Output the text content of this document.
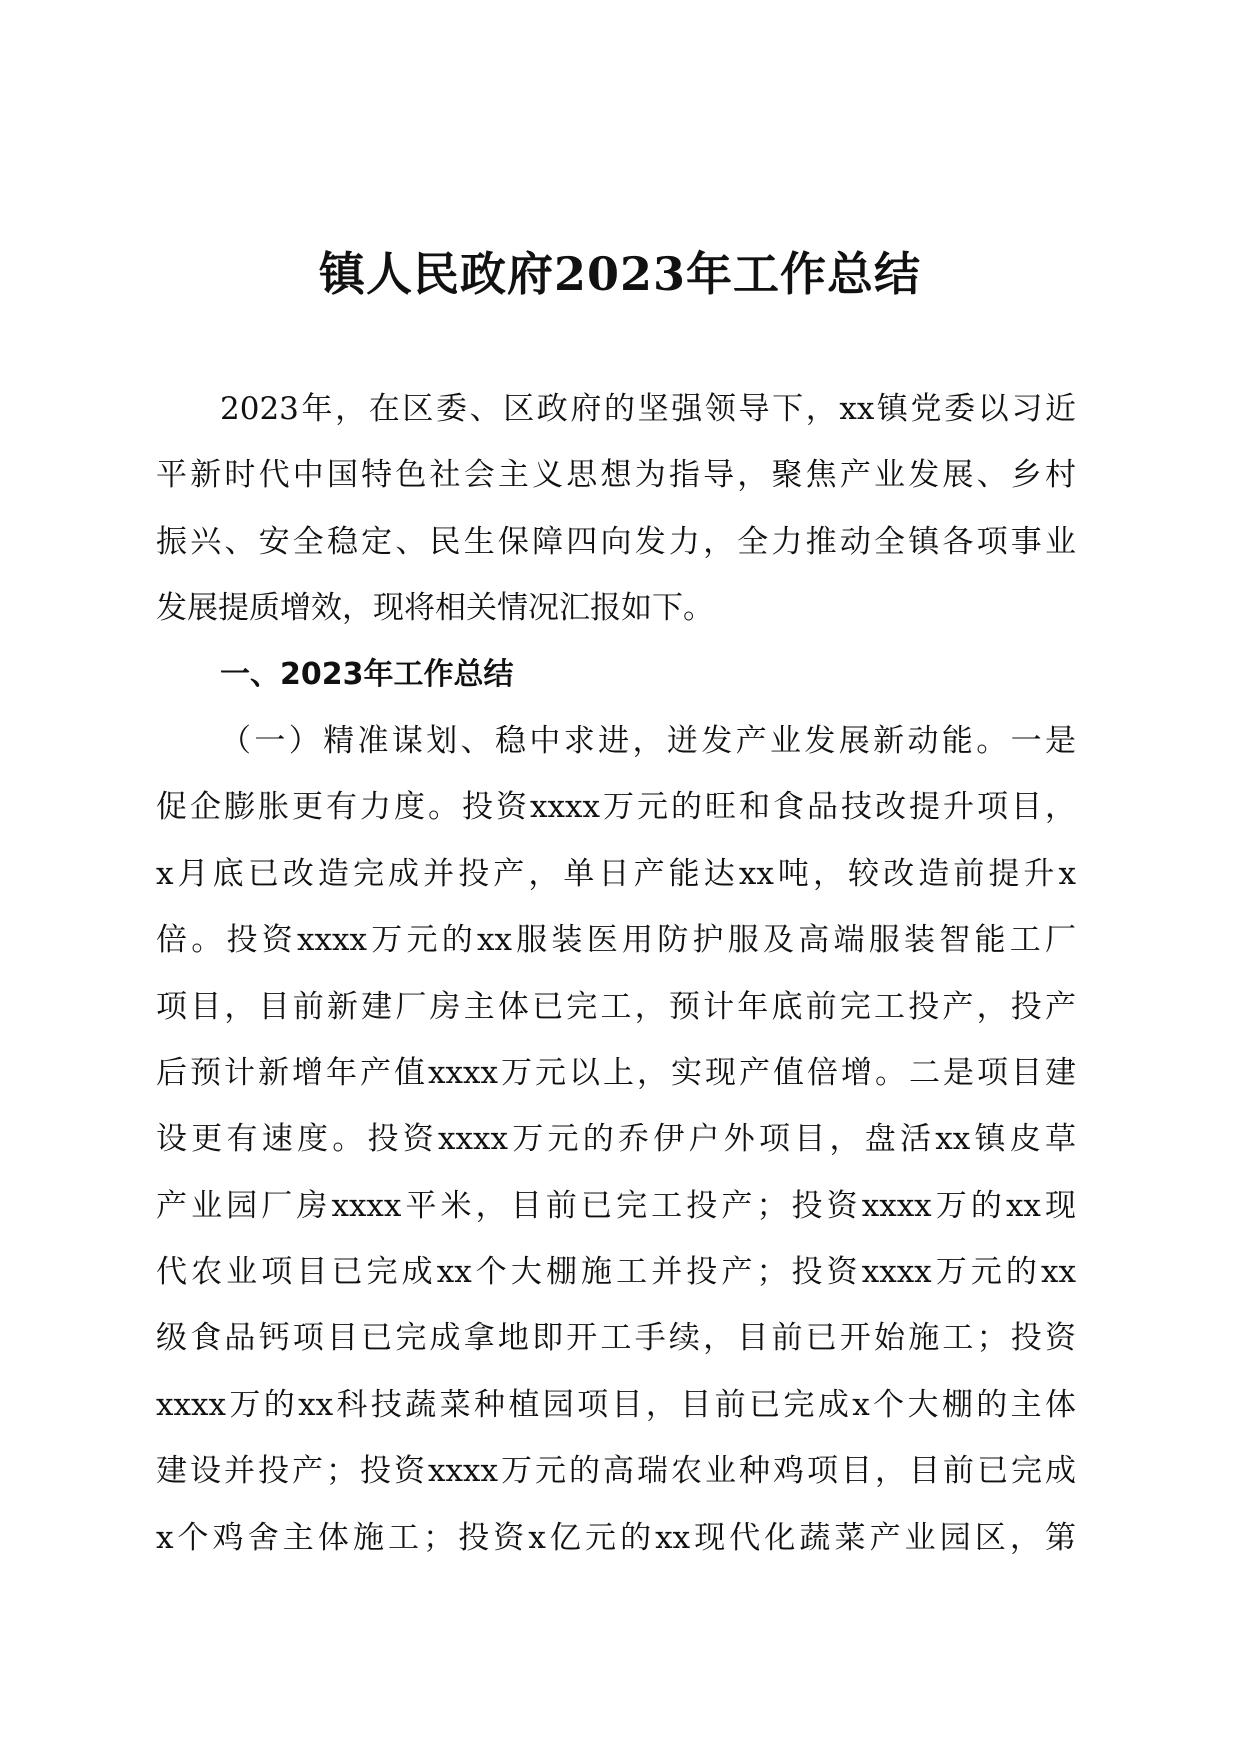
镇人民政府2023年工作总结
2023年，在区委、区政府的坚强领导下，xx镇党委以习近
平新时代中国特色社会主义思想为指导，聚焦产业发展、乡村
振兴、安全稳定、民生保障四向发力，全力推动全镇各项事业
发展提质增效，现将相关情况汇报如下。
一、2023年工作总结
（一）精准谋划、稳中求进，迸发产业发展新动能。一是
促企膨胀更有力度。投资xxxx万元的旺和食品技改提升项目，
x月底已改造完成并投产，单日产能达xx吨，较改造前提升x
倍。投资xxxx万元的xx服装医用防护服及高端服装智能工厂
项目，目前新建厂房主体已完工，预计年底前完工投产，投产
后预计新增年产值xxxx万元以上，实现产值倍增。二是项目建
设更有速度。投资xxxx万元的乔伊户外项目，盘活xx镇皮草
产业园厂房xxxx平米，目前已完工投产；投资xxxx万的xx现
代农业项目已完成xx个大棚施工并投产；投资xxxx万元的xx
级食品钙项目已完成拿地即开工手续，目前已开始施工；投资
xxxx万的xx科技蔬菜种植园项目，目前已完成x个大棚的主体
建设并投产；投资xxxx万元的高瑞农业种鸡项目，目前已完成
x个鸡舍主体施工；投资x亿元的xx现代化蔬菜产业园区，第
